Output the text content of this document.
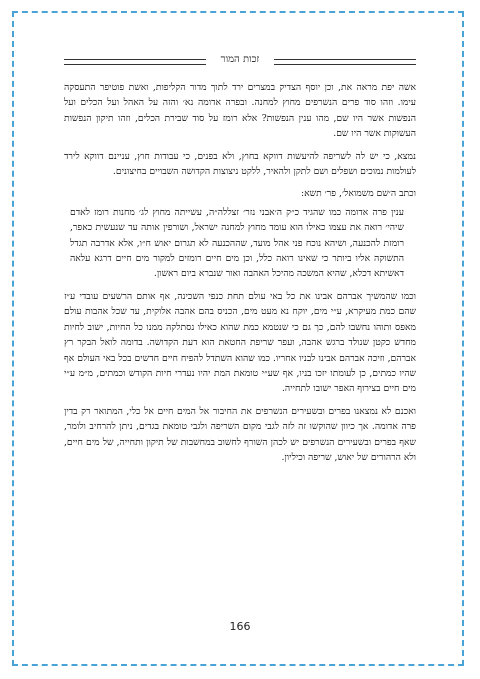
זכות המור

אשה יפת מראה את, וכן יוסף הצדיק במצרים ירד לתוך מדור הקליפות, ואשת פוטיפר התעסקה עימו. וזהו סוד פרים הנשרפים מחוץ למחנה. ובפרה אדומה נא׳ והזה על האהל ועל הכלים ועל הנפשות אשר היו שם, מהו ענין הנפשות? אלא רומז על סוד שבירת הכלים, וזהו תיקון הנפשות העשוקות אשר היו שם.

נמצא, כי יש לה לשריפה להיעשות דווקא בחוץ, ולא בפנים, כי עבודות חוץ, עניינם דווקא לירד לעולמות נמוכים ושפלים ושם לתקן ולהאיר, ללקט ניצוצות הקדושה השבויים בחיצונים.

וכתב ה׳שם משמואל׳, פר׳ תשא:

ענין פרה אדומה כמו שהגיד כ״ק ה׳אבני נזר׳ זצללה״ה, עשייתה מחוץ לג׳ מחנות רומז לאדם שיהי׳ רואה את עצמו כאילו הוא עומד מחוץ למחנה ישראל, ושורפין אותה עד שנעשית כאפר, רומזת להכנעה, ושיהא נוכח פני אהל מועד, שההכנעה לא תגרום יאוש ח״ו, אלא אדרבה תגדל התשוקה אליו ביותר כי שאינו רואה כלל, וכן מים חיים רומזים למקור מים חיים דרגא עלאה דאשיתא דכלא, שהיא המשכה מהיכל האהבה ואור שנברא ביום ראשון.

וכמו שהמשיך אברהם אבינו את כל באי עולם תחת כנפי השכינה, אף אותם הרשעים עובדי ע״ז שהם כמת מעיקרא, ע״י מים, יוקח נא מעט מים, הכניס בהם אהבה אלוקית, עד שכל אהבות עולם מאפס ותוהו נחשבו להם, כך גם כי שנטמא כמת שהוא כאילו נסתלקה ממנו כל החיות, ישוב לחיות מחדש כקטן שנולד ברגש אהבה, ועפר שריפת החטאת הוא דעת הקדושה. בדומה לואל הבקר רץ אברהם, וזיכה אברהם אבינו לבניו אחריו. כמו שהוא השתדל להפיח חיים חדשים בכל באי העולם אף שהיו כמתים, כן לעומתו יזכו בניו, אף שע״י טומאת המת יהיו נעדרי חיות הקודש וכמתים, מ״מ ע״י מים חיים בצירוף האפר ישובו לתחייה.

ואכנם לא נמצאנו בפרים ובשעירים הנשרפים את החיבור אל המים חיים אל כלי, המתואר רק בדין פרה אדומה. אך כיוון שהוקשו זה לזה לגבי מקום השריפה ולגבי טומאת בגדים, ניתן להרחיב ולומר, שאף בפרים ובשעירים הנשרפים יש לכהן השורף לחשוב במחשבות של תיקון ותחייה, של מים חיים, ולא הרהורים של יאוש, שריפה וכיליון.

166
